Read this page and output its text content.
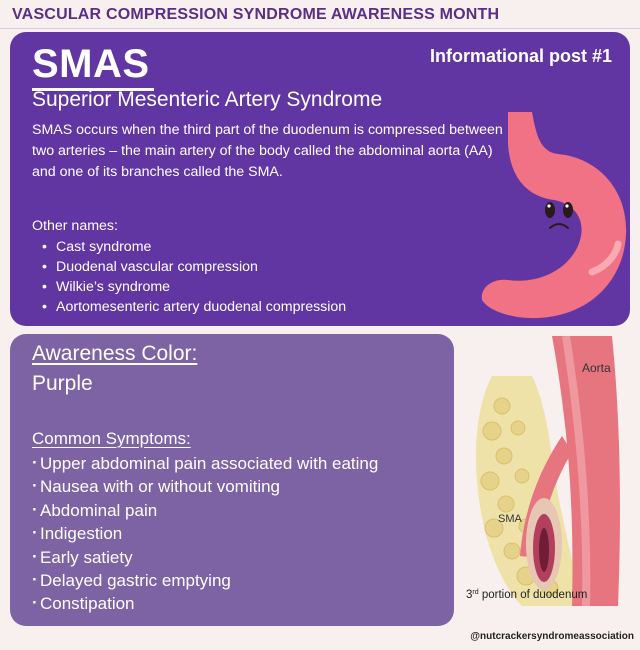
VASCULAR COMPRESSION SYNDROME AWARENESS MONTH
SMAS	Informational post #1
Superior Mesenteric Artery Syndrome
SMAS occurs when the third part of the duodenum is compressed between two arteries – the main artery of the body called the abdominal aorta (AA) and one of its branches called the SMA.
Other names:
• Cast syndrome
• Duodenal vascular compression
• Wilkie’s syndrome
• Aortomesenteric artery duodenal compression
Awareness Color:
Purple
Common Symptoms:
· Upper abdominal pain associated with eating
· Nausea with or without vomiting
· Abdominal pain
· Indigestion
· Early satiety
· Delayed gastric emptying
· Constipation
Aorta
SMA
3rd portion of duodenum
@nutcrackersyndromeassociation
